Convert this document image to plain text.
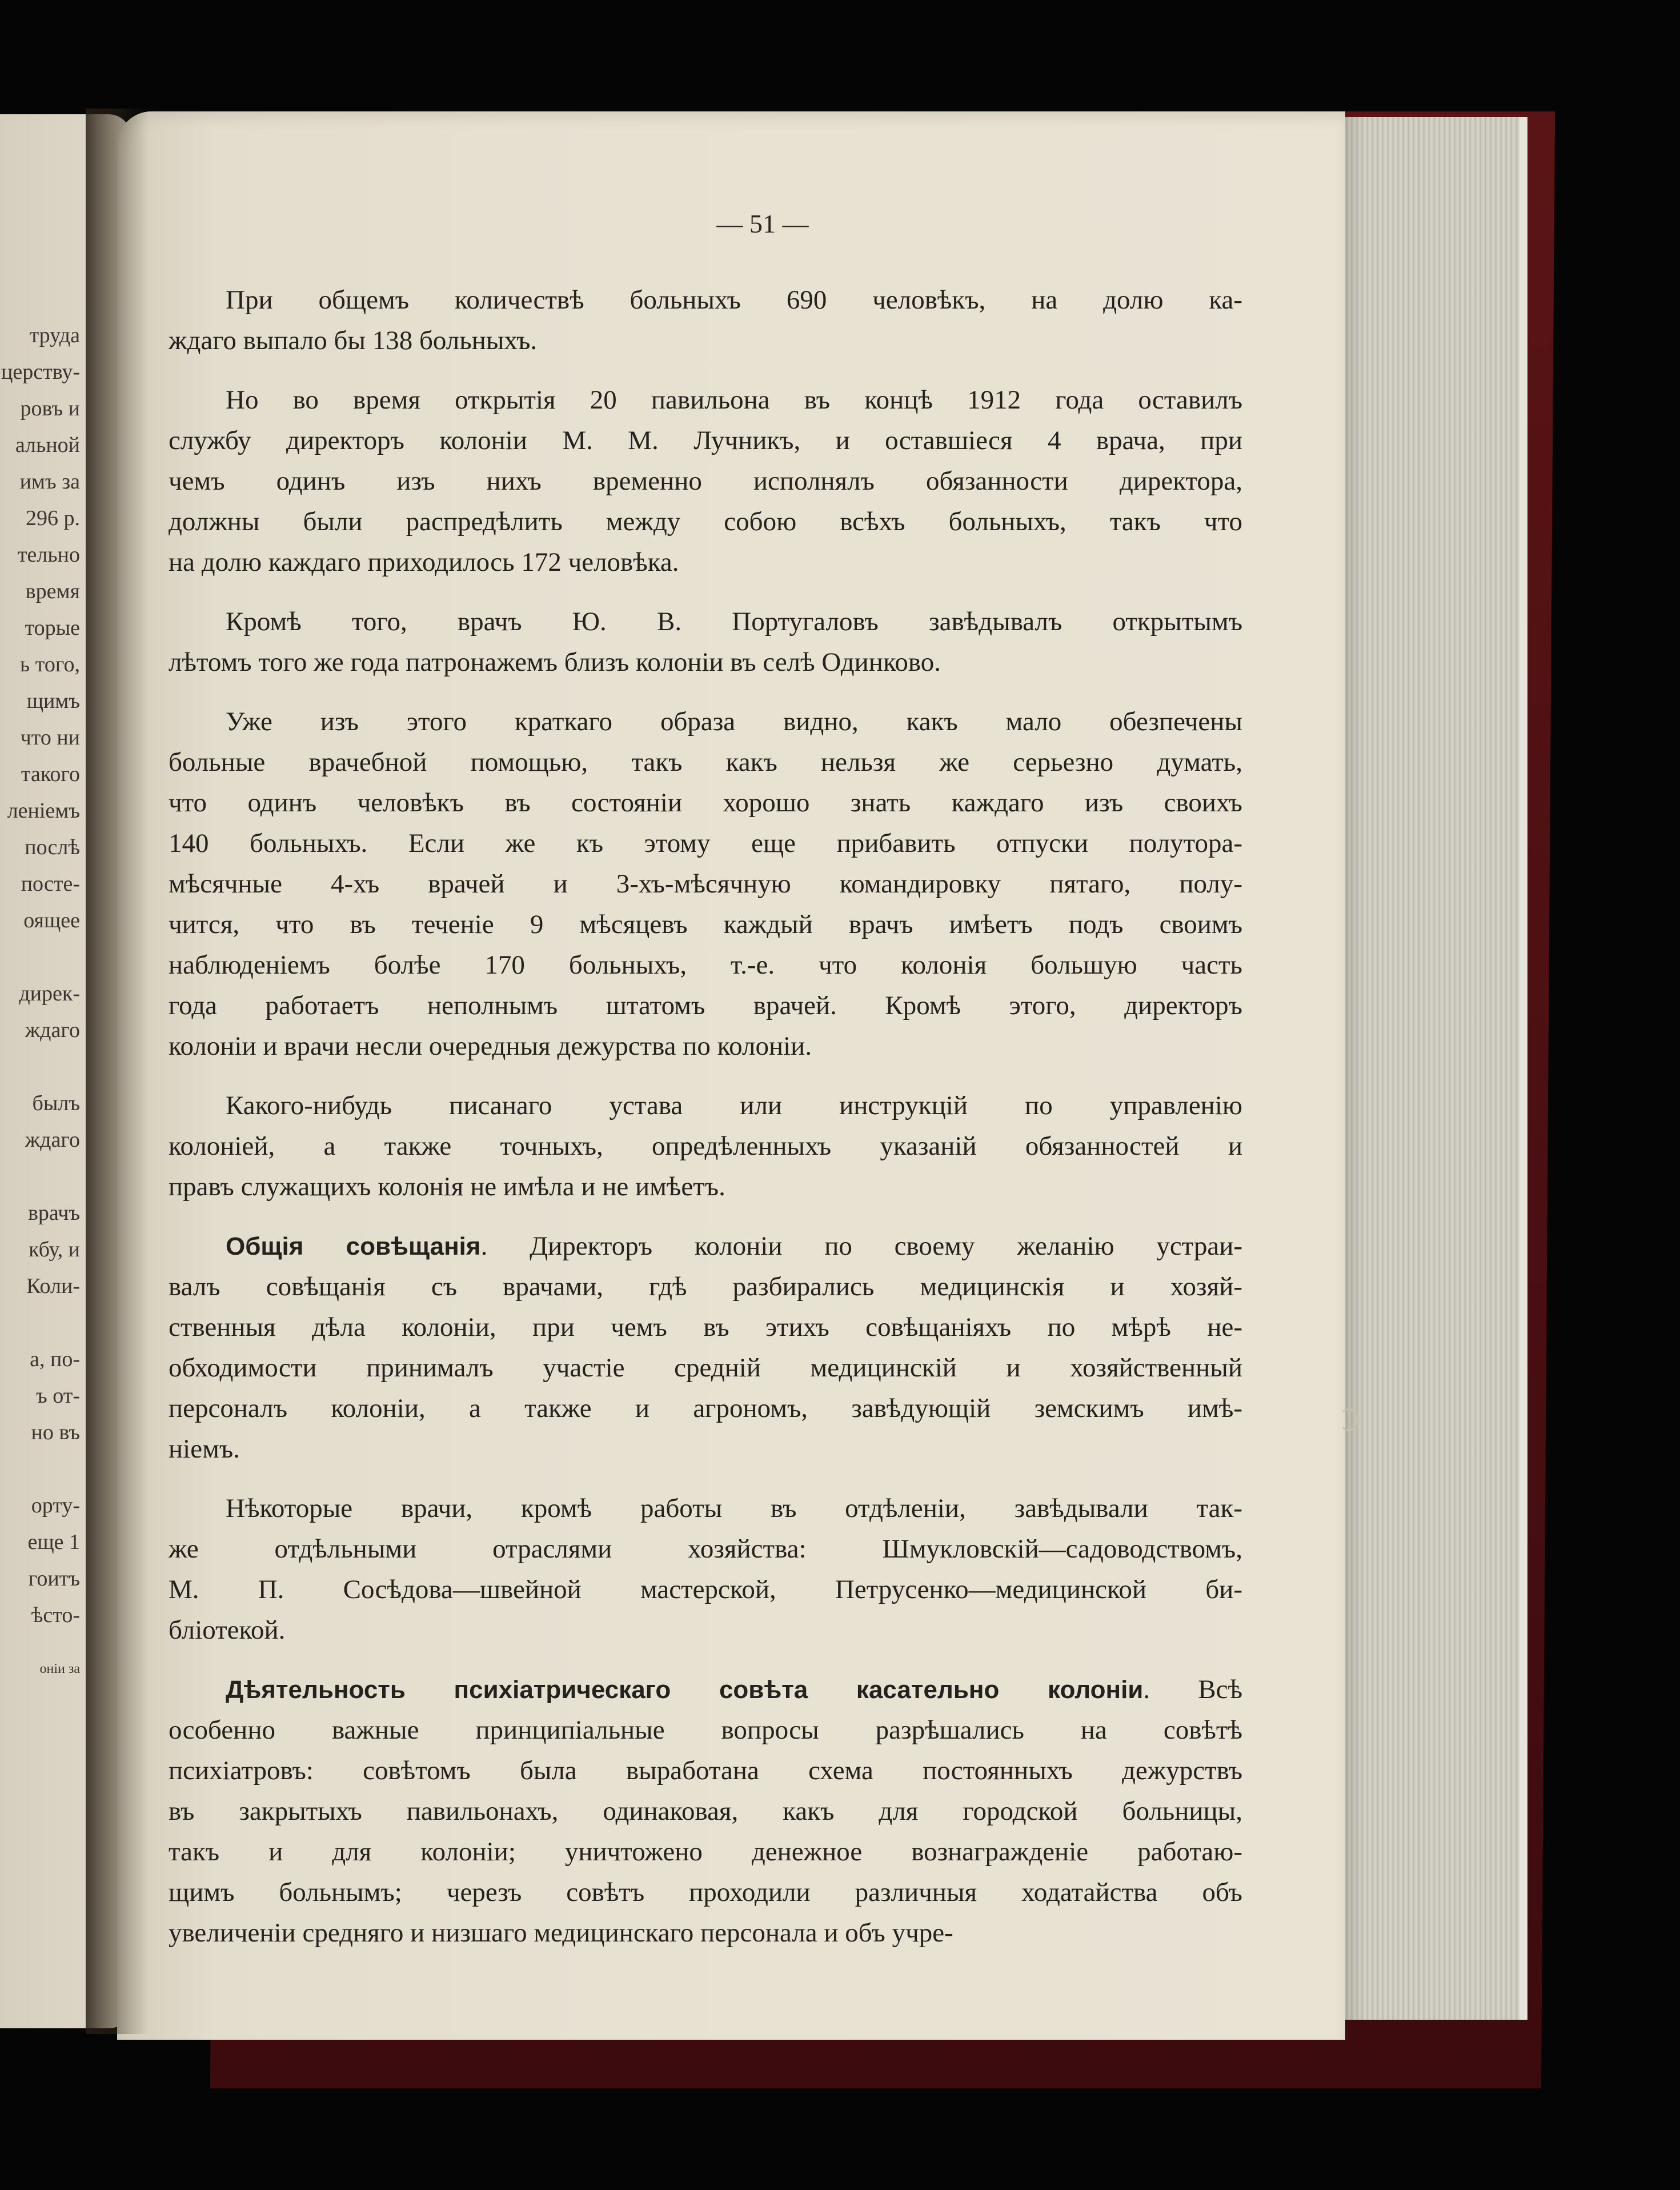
труда
церству-
ровъ и
альной
имъ за
296 р.
тельно
время
торые
ь того,
щимъ
что ни
такого
ленiемъ
послѣ
посте-
оящее
дирек-
ждаго
былъ
ждаго
врачъ
кбу, и
Коли-
а, по-
ъ от-
но въ
орту-
еще 1
гоитъ
ѣсто-
онiи за
— 51 —
При общемъ количествѣ больныхъ 690 человѣкъ, на долю ка-
ждаго выпало бы 138 больныхъ.
Но во время открытiя 20 павильона въ концѣ 1912 года оставилъ
службу директоръ колонiи М. М. Лучникъ, и оставшiеся 4 врача, при
чемъ одинъ изъ нихъ временно исполнялъ обязанности директора,
должны были распредѣлить между собою всѣхъ больныхъ, такъ что
на долю каждаго приходилось 172 человѣка.
Кромѣ того, врачъ Ю. В. Португаловъ завѣдывалъ открытымъ
лѣтомъ того же года патронажемъ близъ колонiи въ селѣ Одинково.
Уже изъ этого краткаго образа видно, какъ мало обезпечены
больные врачебной помощью, такъ какъ нельзя же серьезно думать,
что одинъ человѣкъ въ состоянiи хорошо знать каждаго изъ своихъ
140 больныхъ. Если же къ этому еще прибавить отпуски полутора-
мѣсячные 4-хъ врачей и 3-хъ-мѣсячную командировку пятаго, полу-
чится, что въ теченiе 9 мѣсяцевъ каждый врачъ имѣетъ подъ своимъ
наблюденiемъ болѣе 170 больныхъ, т.-е. что колонiя большую часть
года работаетъ неполнымъ штатомъ врачей. Кромѣ этого, директоръ
колонiи и врачи несли очередныя дежурства по колонiи.
Какого-нибудь писанаго устава или инструкцiй по управленiю
колонiей, а также точныхъ, опредѣленныхъ указанiй обязанностей и
правъ служащихъ колонiя не имѣла и не имѣетъ.
Общiя совѣщанiя. Директоръ колонiи по своему желанiю устраи-
валъ совѣщанiя съ врачами, гдѣ разбирались медицинскiя и хозяй-
ственныя дѣла колонiи, при чемъ въ этихъ совѣщанiяхъ по мѣрѣ не-
обходимости принималъ участiе среднiй медицинскiй и хозяйственный
персоналъ колонiи, а также и агрономъ, завѣдующiй земскимъ имѣ-
нiемъ.
Нѣкоторые врачи, кромѣ работы въ отдѣленiи, завѣдывали так-
же отдѣльными отраслями хозяйства: Шмукловскiй—садоводствомъ,
М. П. Сосѣдова—швейной мастерской, Петрусенко—медицинской би-
блiотекой.
Дѣятельность психiатрическаго совѣта касательно колонiи. Всѣ
особенно важные принципiальные вопросы разрѣшались на совѣтѣ
психiатровъ: совѣтомъ была выработана схема постоянныхъ дежурствъ
въ закрытыхъ павильонахъ, одинаковая, какъ для городской больницы,
такъ и для колонiи; уничтожено денежное вознагражденiе работаю-
щимъ больнымъ; черезъ совѣтъ проходили различныя ходатайства объ
увеличенiи средняго и низшаго медицинскаго персонала и объ учре-
